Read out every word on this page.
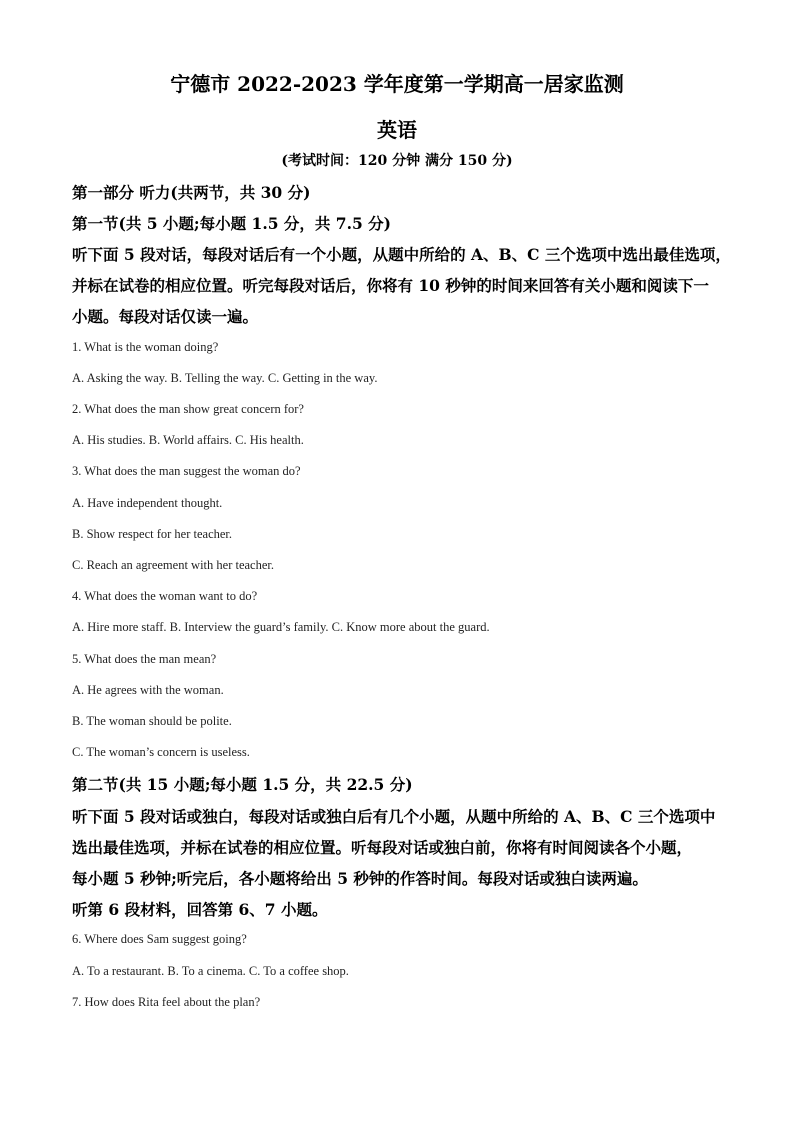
宁德市 2022-2023 学年度第一学期高一居家监测
英语
(考试时间：120 分钟 满分 150 分)
第一部分 听力(共两节，共 30 分)
第一节(共 5 小题;每小题 1.5 分，共 7.5 分)
听下面 5 段对话，每段对话后有一个小题，从题中所给的 A、B、C 三个选项中选出最佳选项，
并标在试卷的相应位置。听完每段对话后，你将有 10 秒钟的时间来回答有关小题和阅读下一
小题。每段对话仅读一遍。
1. What is the woman doing?
A. Asking the way. B. Telling the way. C. Getting in the way.
2. What does the man show great concern for?
A. His studies. B. World affairs. C. His health.
3. What does the man suggest the woman do?
A. Have independent thought.
B. Show respect for her teacher.
C. Reach an agreement with her teacher.
4. What does the woman want to do?
A. Hire more staff. B. Interview the guard’s family. C. Know more about the guard.
5. What does the man mean?
A. He agrees with the woman.
B. The woman should be polite.
C. The woman’s concern is useless.
第二节(共 15 小题;每小题 1.5 分，共 22.5 分)
听下面 5 段对话或独白，每段对话或独白后有几个小题，从题中所给的 A、B、C 三个选项中
选出最佳选项，并标在试卷的相应位置。听每段对话或独白前，你将有时间阅读各个小题，
每小题 5 秒钟;听完后，各小题将给出 5 秒钟的作答时间。每段对话或独白读两遍。
听第 6 段材料，回答第 6、7 小题。
6. Where does Sam suggest going?
A. To a restaurant. B. To a cinema. C. To a coffee shop.
7. How does Rita feel about the plan?
